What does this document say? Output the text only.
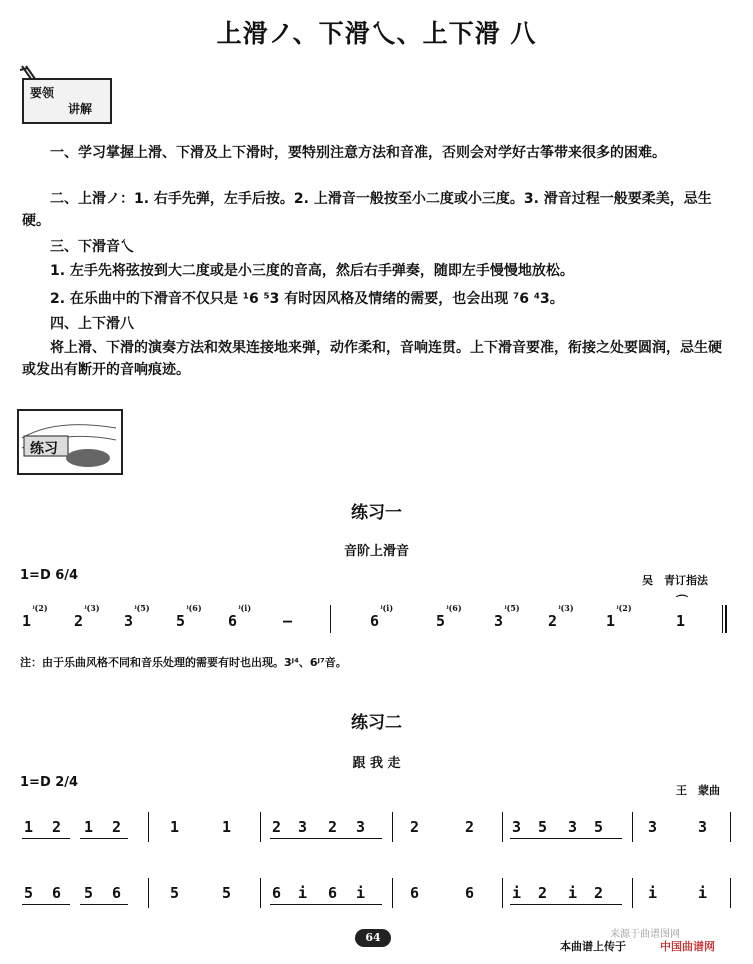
上滑ノ、下滑乀、上下滑 八
要领
讲解
一、学习掌握上滑、下滑及上下滑时，要特别注意方法和音准，否则会对学好古筝带来很多的困难。
二、上滑ノ：1. 右手先弹，左手后按。2. 上滑音一般按至小二度或小三度。3. 滑音过程一般要柔美，忌生硬。
三、下滑音乀
1. 左手先将弦按到大二度或是小三度的音高，然后右手弹奏，随即左手慢慢地放松。
2. 在乐曲中的下滑音不仅只是 ¹6 ⁵3 有时因风格及情绪的需要，也会出现 ⁷6 ⁴3。
四、上下滑八
将上滑、下滑的演奏方法和效果连接地来弹，动作柔和，音响连贯。上下滑音要准，衔接之处要圆润，忌生硬或发出有断开的音响痕迹。
练习
练习一
音阶上滑音
1=D 6/4	吴　青订指法
1
ʲ(2)
2
ʲ(3)
3
ʲ(5)
5
ʲ(6)
6
ʲ(i)
–	6
ʲ(i)
5
ʲ(6)
3
ʲ(5)
2
ʲ(3)
1
ʲ(2)
1
⌒
注：由于乐曲风格不同和音乐处理的需要有时也出现。3ʲ⁴、6ʲ⁷音。
练习二
跟 我 走
1=D 2/4
王　蒙曲
1 2 1 2	1	1	2 3 2 3	2	2	3 5 3 5	3	3
5 6 5 6	5	5	6 i 6 i	6	6	i 2 i 2	i	i
64
本曲谱上传于
来源于曲谱图网
中国曲谱网
